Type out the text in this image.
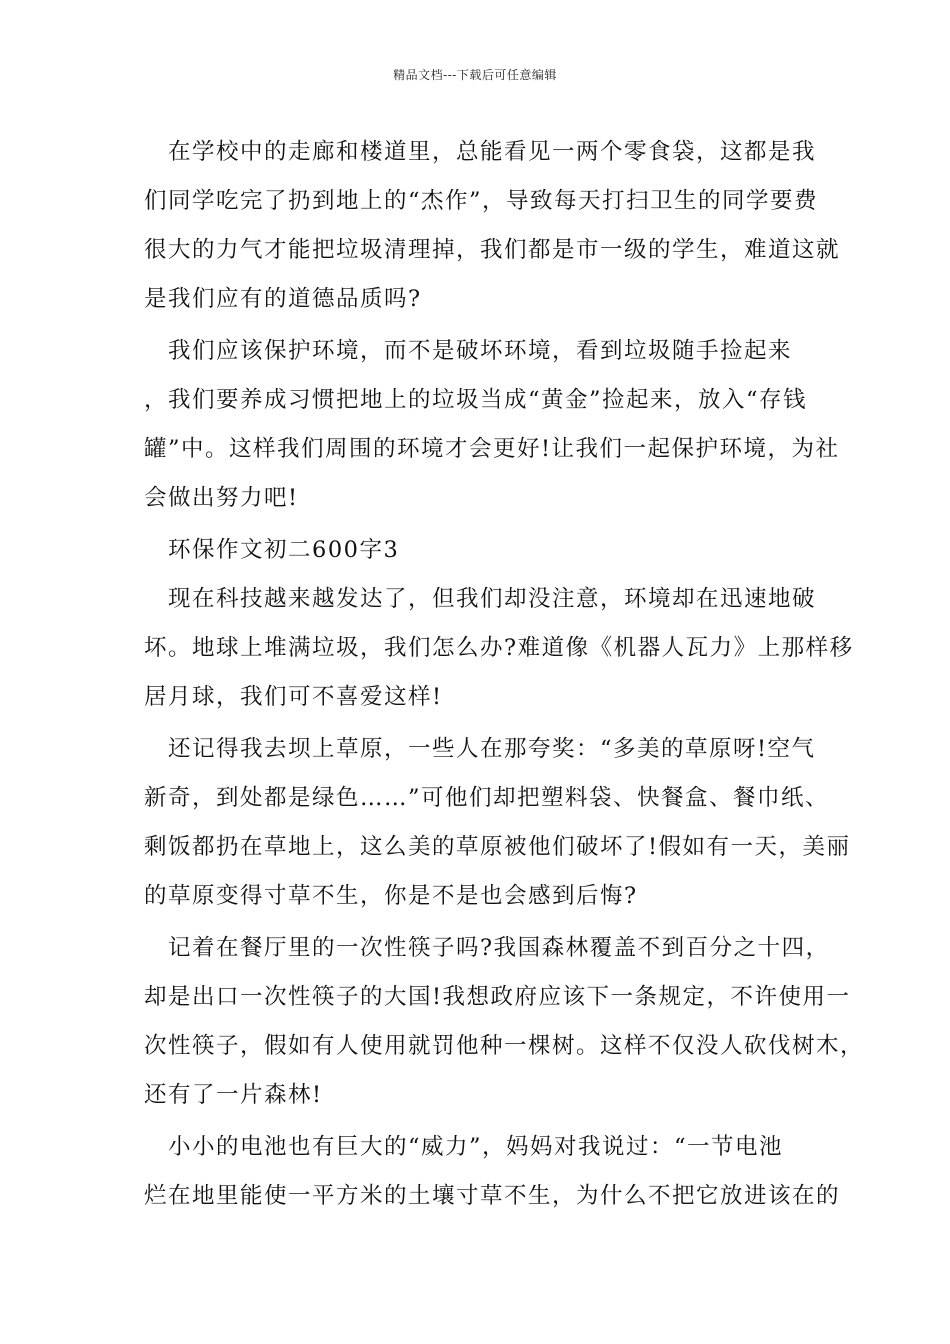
精品文档---下载后可任意编辑
　在学校中的走廊和楼道里，总能看见一两个零食袋，这都是我
们同学吃完了扔到地上的“杰作”，导致每天打扫卫生的同学要费
很大的力气才能把垃圾清理掉，我们都是市一级的学生，难道这就
是我们应有的道德品质吗?
　我们应该保护环境，而不是破坏环境，看到垃圾随手捡起来
，我们要养成习惯把地上的垃圾当成“黄金”捡起来，放入“存钱
罐”中。这样我们周围的环境才会更好!让我们一起保护环境，为社
会做出努力吧!
　环保作文初二600字3
　现在科技越来越发达了，但我们却没注意，环境却在迅速地破
坏。地球上堆满垃圾，我们怎么办?难道像《机器人瓦力》上那样移
居月球，我们可不喜爱这样!
　还记得我去坝上草原，一些人在那夸奖：“多美的草原呀!空气
新奇，到处都是绿色……”可他们却把塑料袋、快餐盒、餐巾纸、
剩饭都扔在草地上，这么美的草原被他们破坏了!假如有一天，美丽
的草原变得寸草不生，你是不是也会感到后悔?
　记着在餐厅里的一次性筷子吗?我国森林覆盖不到百分之十四，
却是出口一次性筷子的大国!我想政府应该下一条规定，不许使用一
次性筷子，假如有人使用就罚他种一棵树。这样不仅没人砍伐树木，
还有了一片森林!
　小小的电池也有巨大的“威力”，妈妈对我说过：“一节电池
烂在地里能使一平方米的土壤寸草不生，为什么不把它放进该在的
